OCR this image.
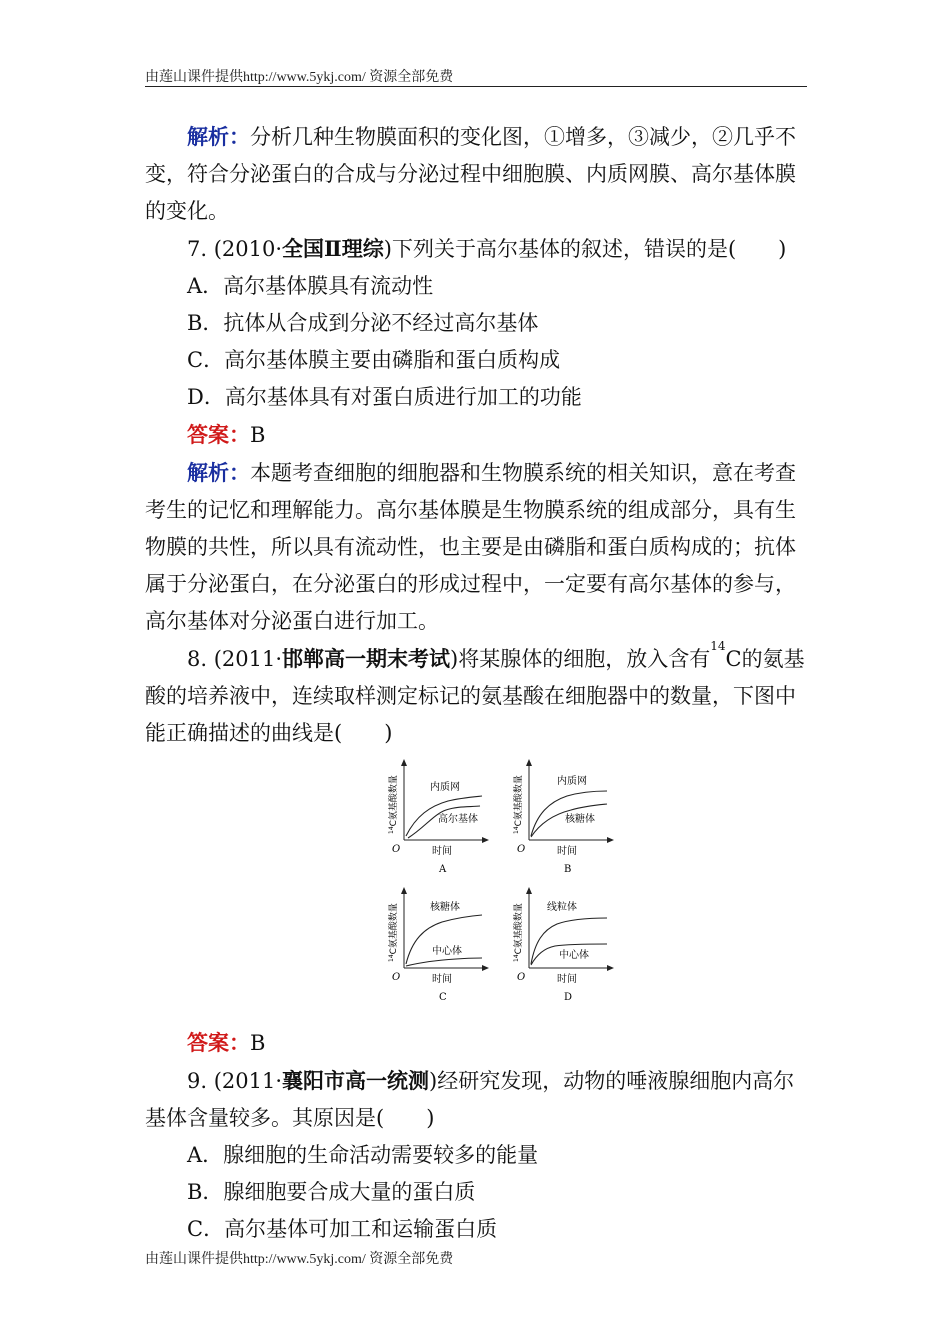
由莲山课件提供http://www.5ykj.com/ 资源全部免费

解析：分析几种生物膜面积的变化图，①增多，③减少，②几乎不变，符合分泌蛋白的合成与分泌过程中细胞膜、内质网膜、高尔基体膜的变化。

7. (2010·全国Ⅱ理综)下列关于高尔基体的叙述，错误的是(　　)

A．高尔基体膜具有流动性

B．抗体从合成到分泌不经过高尔基体

C．高尔基体膜主要由磷脂和蛋白质构成

D．高尔基体具有对蛋白质进行加工的功能

答案：B

解析：本题考查细胞的细胞器和生物膜系统的相关知识，意在考查考生的记忆和理解能力。高尔基体膜是生物膜系统的组成部分，具有生物膜的共性，所以具有流动性，也主要是由磷脂和蛋白质构成的；抗体属于分泌蛋白，在分泌蛋白的形成过程中，一定要有高尔基体的参与，高尔基体对分泌蛋白进行加工。

8. (2011·邯郸高一期末考试)将某腺体的细胞，放入含有$^{14}$C的氨基酸的培养液中，连续取样测定标记的氨基酸在细胞器中的数量，下图中能正确描述的曲线是(　　)

$^{14}$C氨基酸数量	内质网
高尔基体
O	时间
A
$^{14}$C氨基酸数量	内质网
核糖体
O	时间
B
$^{14}$C氨基酸数量	核糖体
中心体
O	时间
C
$^{14}$C氨基酸数量 线粒体
中心体
O	时间
D

答案：B

9. (2011·襄阳市高一统测)经研究发现，动物的唾液腺细胞内高尔基体含量较多。其原因是(　　)

A．腺细胞的生命活动需要较多的能量

B．腺细胞要合成大量的蛋白质

C．高尔基体可加工和运输蛋白质

由莲山课件提供http://www.5ykj.com/ 资源全部免费
